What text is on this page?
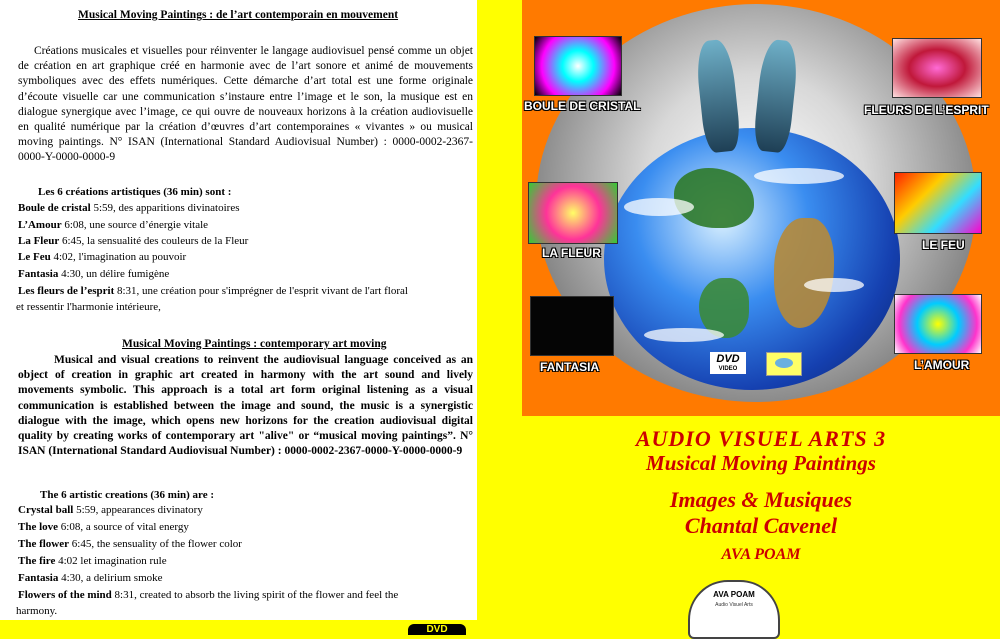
Musical Moving Paintings : de l’art contemporain en mouvement
Créations musicales et visuelles pour réinventer le langage audiovisuel pensé comme un objet de création en art graphique créé en harmonie avec de l’art sonore et animé de mouvements symboliques avec des effets numériques. Cette démarche d’art total est une forme originale d’écoute visuelle car une communication s’instaure entre l’image et le son, la musique est en dialogue synergique avec l’image, ce qui ouvre de nouveaux horizons à la création audiovisuelle en qualité numérique par la création d’œuvres d’art contemporaines « vivantes » ou musical moving paintings. N° ISAN (International Standard Audiovisual Number) : 0000-0002-2367-0000-Y-0000-0000-9
Les 6 créations artistiques (36 min) sont :
Boule de cristal 5:59, des apparitions divinatoires
L’Amour 6:08, une source d’énergie vitale
La Fleur 6:45, la sensualité des couleurs de la Fleur
Le Feu 4:02, l'imagination au pouvoir
Fantasia 4:30, un délire fumigène
Les fleurs de l’esprit 8:31, une création pour s'imprégner de l'esprit vivant de l'art floral
et ressentir l'harmonie intérieure,
Musical Moving Paintings : contemporary art moving
Musical and visual creations to reinvent the audiovisual language conceived as an object of creation in graphic art created in harmony with the art sound and lively movements symbolic. This approach is a total art form original listening as a visual communication is established between the image and sound, the music is a synergistic dialogue with the image, which opens new horizons for the creation audiovisual digital quality by creating works of contemporary art "alive" or “musical moving paintings”. N° ISAN (International Standard Audiovisual Number) : 0000-0002-2367-0000-Y-0000-0000-9
The 6 artistic creations (36 min) are :
Crystal ball 5:59, appearances divinatory
The love 6:08, a source of vital energy
The flower 6:45, the sensuality of the flower color
The fire 4:02 let imagination rule
Fantasia 4:30, a delirium smoke
Flowers of the mind 8:31, created to absorb the living spirit of the flower and feel the
harmony.
DVD
BOULE DE CRISTAL	FLEURS DE L’ESPRIT
LA FLEUR
LE FEU
FANTASIA	L’AMOUR
DVD
VIDEO
AUDIO VISUEL ARTS 3
Musical Moving Paintings
Images & Musiques
Chantal Cavenel
AVA POAM
AVA POAM
Audio Visuel Arts
